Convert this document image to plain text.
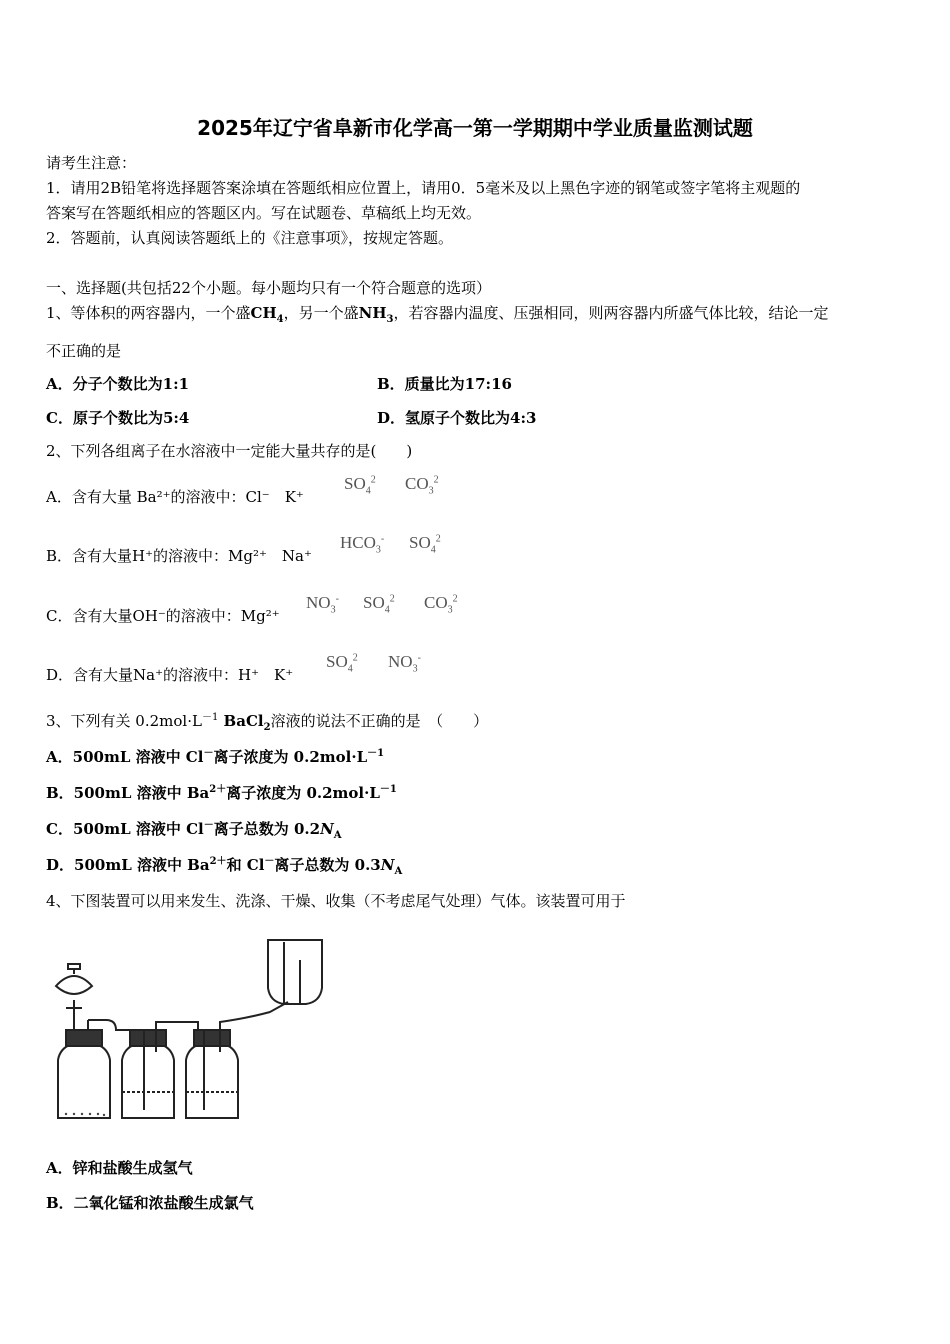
2025年辽宁省阜新市化学高一第一学期期中学业质量监测试题
请考生注意：
1．请用2B铅笔将选择题答案涂填在答题纸相应位置上，请用0．5毫米及以上黑色字迹的钢笔或签字笔将主观题的
答案写在答题纸相应的答题区内。写在试题卷、草稿纸上均无效。
2．答题前，认真阅读答题纸上的《注意事项》，按规定答题。
一、选择题(共包括22个小题。每小题均只有一个符合题意的选项）
1、等体积的两容器内，一个盛$CH_4$，另一个盛$NH_3$，若容器内温度、压强相同，则两容器内所盛气体比较，结论一定
不正确的是
A．分子个数比为1:1	B．质量比为17:16
C．原子个数比为5:4	D．氢原子个数比为4:3
2、下列各组离子在水溶液中一定能大量共存的是(　　)
A．含有大量 Ba²⁺的溶液中：Cl⁻　K⁺
$SO_4^2$ $CO_3^2$
B．含有大量H⁺的溶液中：Mg²⁺　Na⁺
$HCO_3^-$ $SO_4^2$
C．含有大量OH⁻的溶液中：Mg²⁺
$NO_3^-$ $SO_4^2$ $CO_3^2$
D．含有大量Na⁺的溶液中：H⁺　K⁺
$SO_4^2$ $NO_3^-$
3、下列有关 $0.2mol\cdot L^{-1}$ BaCl$_2$溶液的说法不正确的是　（　　）
A．500mL 溶液中 Cl－离子浓度为 $0.2mol\cdot L^{-1}$
B．500mL 溶液中 $Ba^{2+}$离子浓度为 $0.2mol\cdot L^{-1}$
C．500mL 溶液中 Cl－离子总数为 $0.2N_A$
D．500mL 溶液中 $Ba^{2+}$和 Cl－离子总数为 $0.3N_A$
4、下图装置可以用来发生、洗涤、干燥、收集（不考虑尾气处理）气体。该装置可用于
A．锌和盐酸生成氢气
B．二氧化锰和浓盐酸生成氯气
